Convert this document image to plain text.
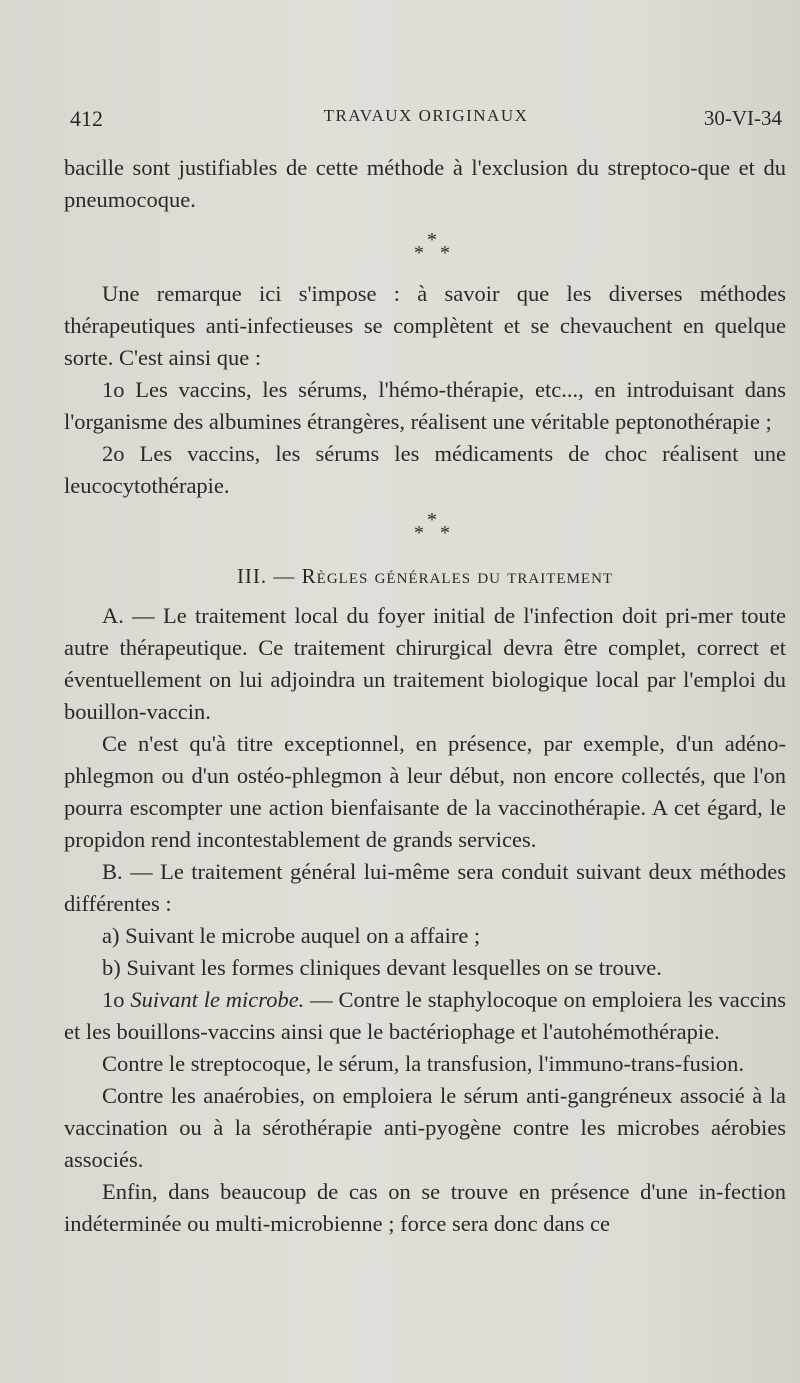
412	TRAVAUX ORIGINAUX	30-VI-34

bacille sont justifiables de cette méthode à l'exclusion du streptoco-que et du pneumocoque.

*
* *

Une remarque ici s'impose : à savoir que les diverses méthodes thérapeutiques anti-infectieuses se complètent et se chevauchent en quelque sorte. C'est ainsi que :

1o Les vaccins, les sérums, l'hémo-thérapie, etc..., en introduisant dans l'organisme des albumines étrangères, réalisent une véritable peptonothérapie ;

2o Les vaccins, les sérums les médicaments de choc réalisent une leucocytothérapie.

*
* *
III. — Règles générales du traitement

A. — Le traitement local du foyer initial de l'infection doit pri-mer toute autre thérapeutique. Ce traitement chirurgical devra être complet, correct et éventuellement on lui adjoindra un traitement biologique local par l'emploi du bouillon-vaccin.

Ce n'est qu'à titre exceptionnel, en présence, par exemple, d'un adéno-phlegmon ou d'un ostéo-phlegmon à leur début, non encore collectés, que l'on pourra escompter une action bienfaisante de la vaccinothérapie. A cet égard, le propidon rend incontestablement de grands services.

B. — Le traitement général lui-même sera conduit suivant deux méthodes différentes :

a) Suivant le microbe auquel on a affaire ;

b) Suivant les formes cliniques devant lesquelles on se trouve.

1o Suivant le microbe. — Contre le staphylocoque on emploiera les vaccins et les bouillons-vaccins ainsi que le bactériophage et l'autohémothérapie.

Contre le streptocoque, le sérum, la transfusion, l'immuno-trans-fusion.

Contre les anaérobies, on emploiera le sérum anti-gangréneux associé à la vaccination ou à la sérothérapie anti-pyogène contre les microbes aérobies associés.

Enfin, dans beaucoup de cas on se trouve en présence d'une in-fection indéterminée ou multi-microbienne ; force sera donc dans ce
